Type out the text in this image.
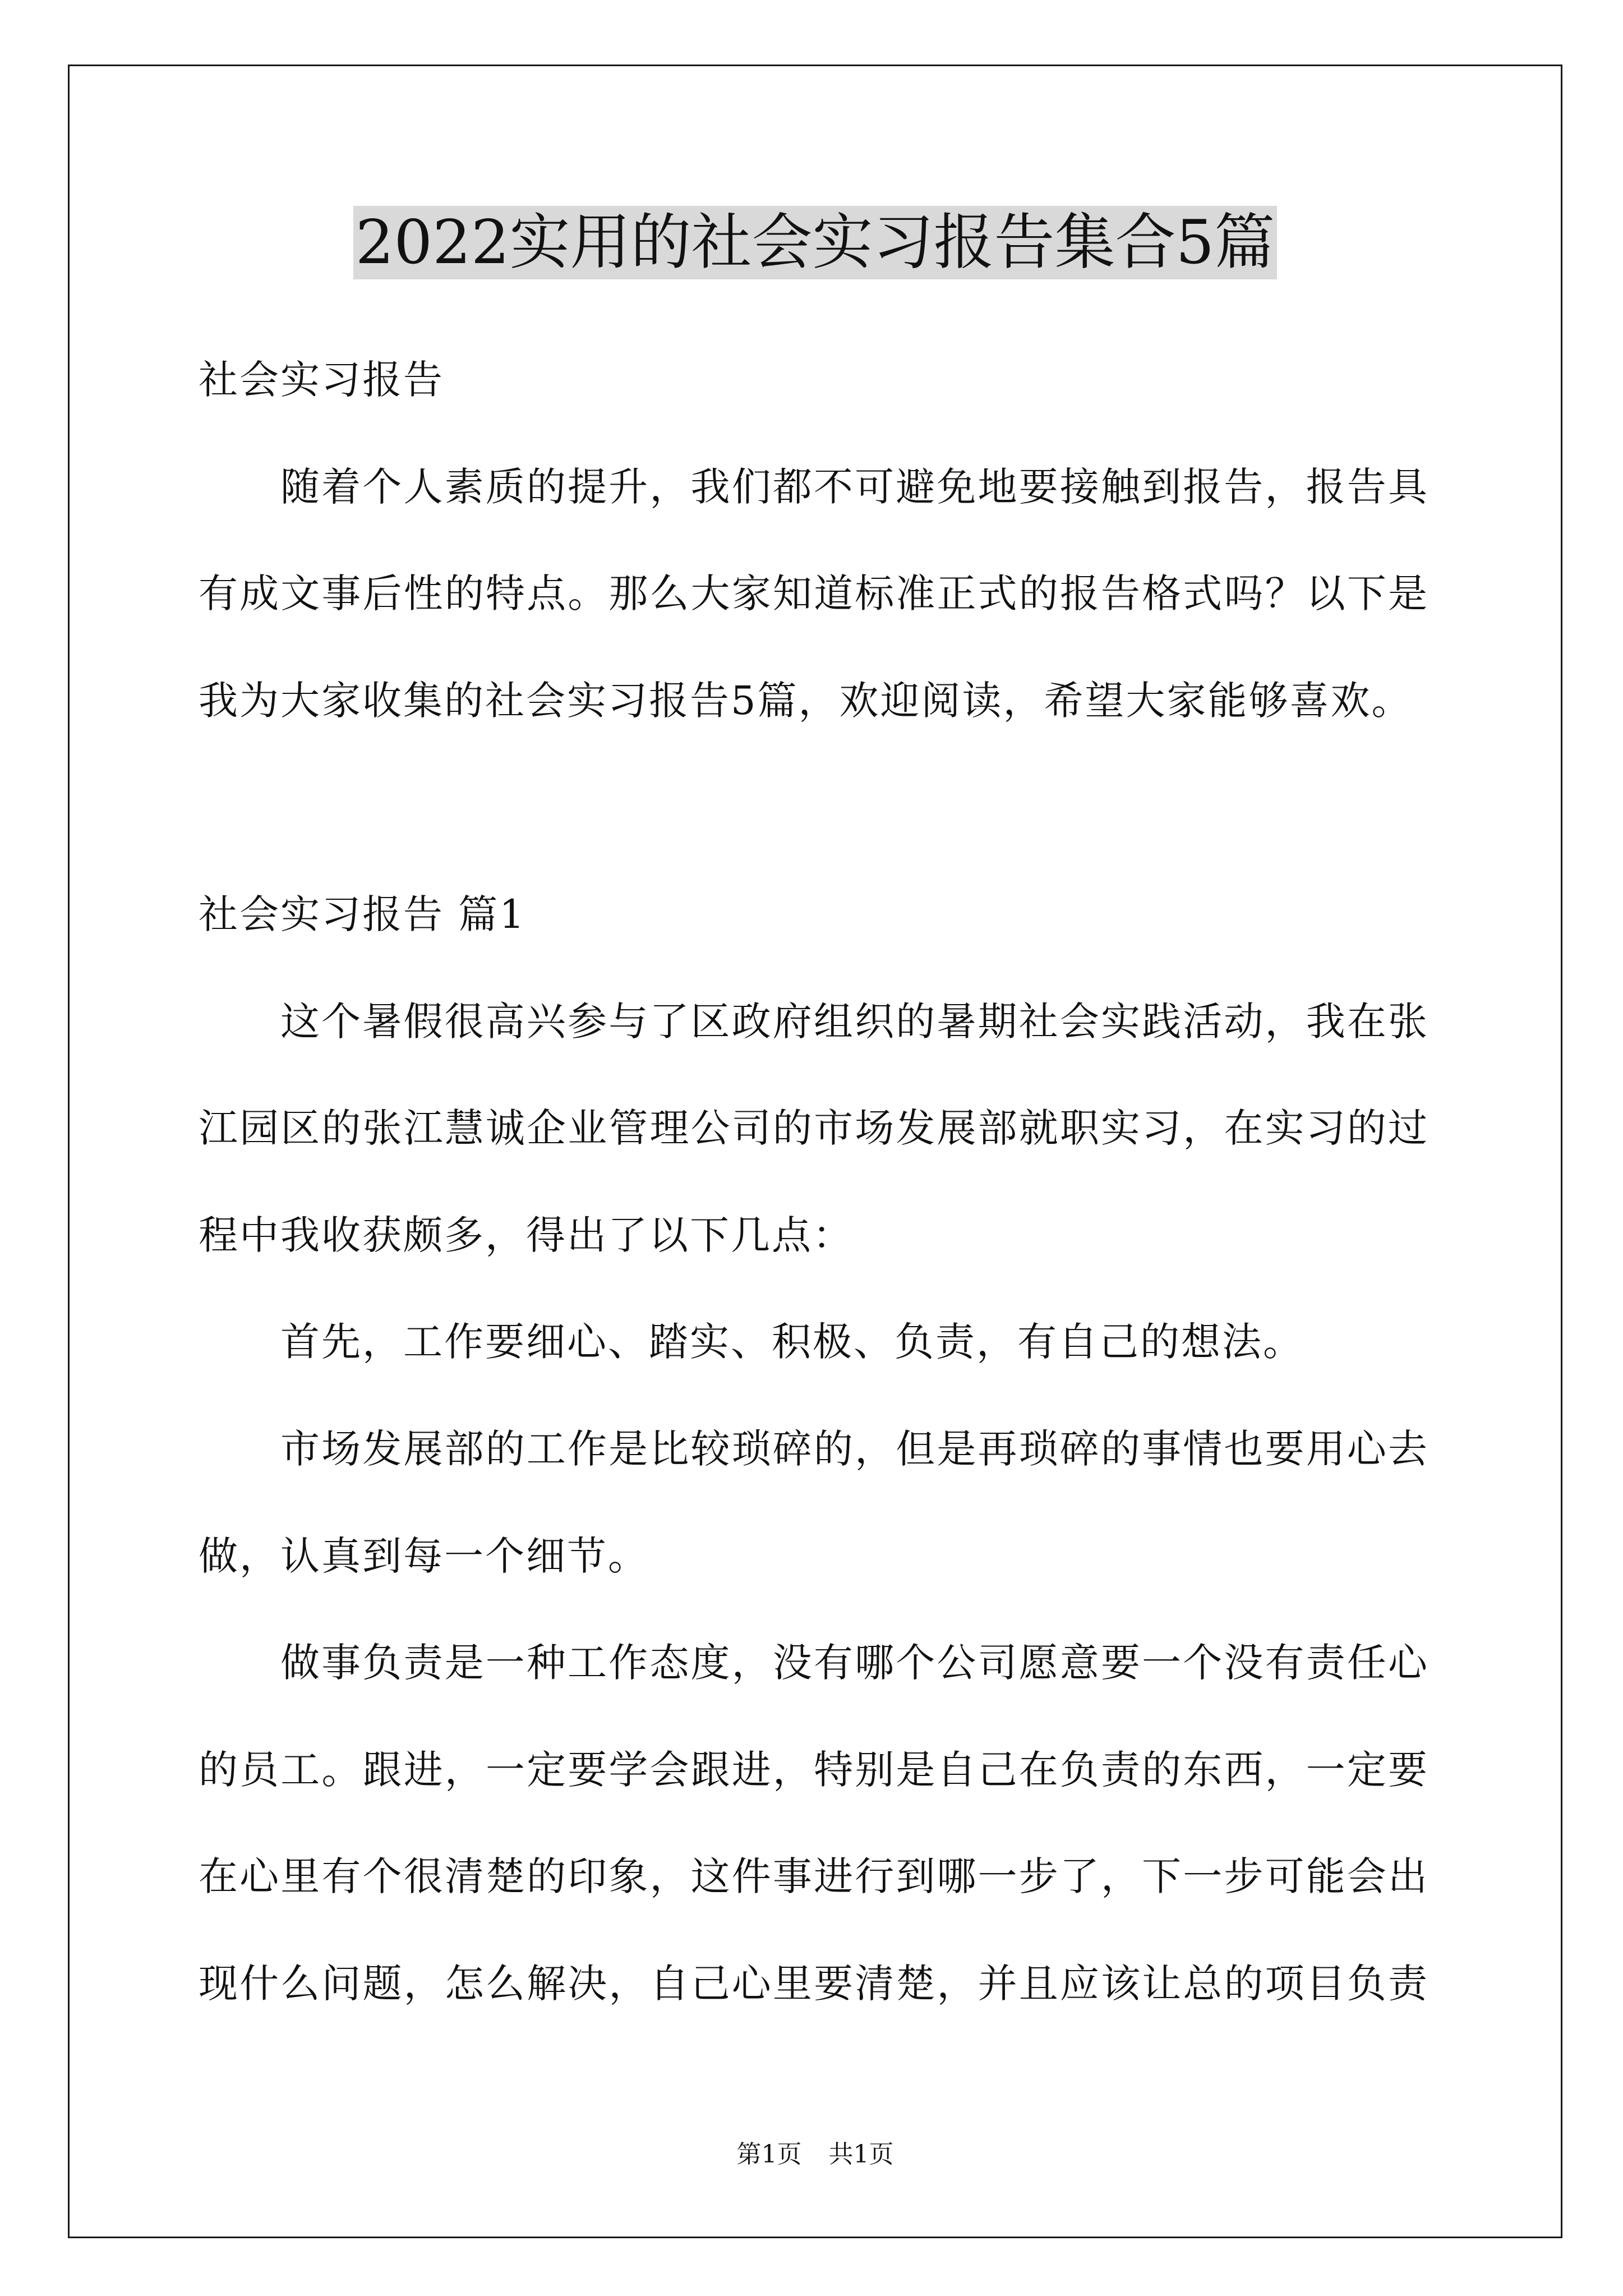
2022实用的社会实习报告集合5篇
社会实习报告
随着个人素质的提升，我们都不可避免地要接触到报告，报告具
有成文事后性的特点。那么大家知道标准正式的报告格式吗？以下是
我为大家收集的社会实习报告5篇，欢迎阅读，希望大家能够喜欢。
社会实习报告 篇1
这个暑假很高兴参与了区政府组织的暑期社会实践活动，我在张
江园区的张江慧诚企业管理公司的市场发展部就职实习，在实习的过
程中我收获颇多，得出了以下几点：
首先，工作要细心、踏实、积极、负责，有自己的想法。
市场发展部的工作是比较琐碎的，但是再琐碎的事情也要用心去
做，认真到每一个细节。
做事负责是一种工作态度，没有哪个公司愿意要一个没有责任心
的员工。跟进，一定要学会跟进，特别是自己在负责的东西，一定要
在心里有个很清楚的印象，这件事进行到哪一步了，下一步可能会出
现什么问题，怎么解决，自己心里要清楚，并且应该让总的项目负责
第1页 共1页
